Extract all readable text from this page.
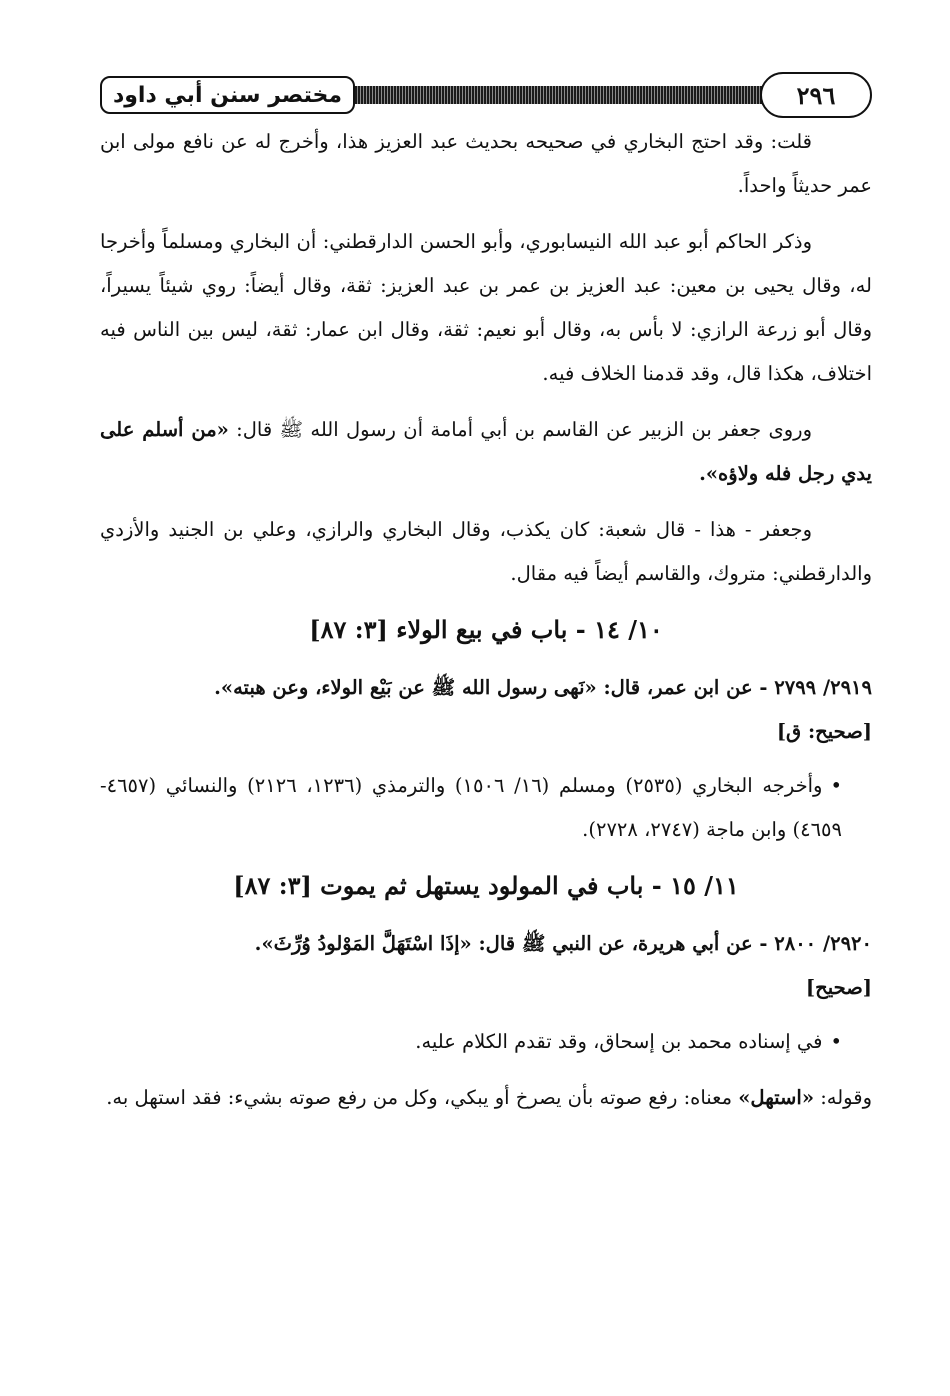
مختصر سنن أبي داود	٢٩٦

قلت: وقد احتج البخاري في صحيحه بحديث عبد العزيز هذا، وأخرج له عن نافع مولى ابن عمر حديثاً واحداً.

وذكر الحاكم أبو عبد الله النيسابوري، وأبو الحسن الدارقطني: أن البخاري ومسلماً وأخرجا له، وقال يحيى بن معين: عبد العزيز بن عمر بن عبد العزيز: ثقة، وقال أيضاً: روي شيئاً يسيراً، وقال أبو زرعة الرازي: لا بأس به، وقال أبو نعيم: ثقة، وقال ابن عمار: ثقة، ليس بين الناس فيه اختلاف، هكذا قال، وقد قدمنا الخلاف فيه.

وروى جعفر بن الزبير عن القاسم بن أبي أمامة أن رسول الله ﷺ قال: «من أسلم على يدي رجل فله ولاؤه».

وجعفر - هذا - قال شعبة: كان يكذب، وقال البخاري والرازي، وعلي بن الجنيد والأزدي والدارقطني: متروك، والقاسم أيضاً فيه مقال.

١٠/ ١٤ - باب في بيع الولاء [٣: ٨٧]

٢٩١٩/ ٢٧٩٩ - عن ابن عمر، قال: «نَهى رسول الله ﷺ عن بَيْع الولاء، وعن هبته».

[صحيح: ق]

•وأخرجه البخاري (٢٥٣٥) ومسلم (١٦/ ١٥٠٦) والترمذي (١٢٣٦، ٢١٢٦) والنسائي (٤٦٥٧- ٤٦٥٩) وابن ماجة (٢٧٤٧، ٢٧٢٨).

١١/ ١٥ - باب في المولود يستهل ثم يموت [٣: ٨٧]

٢٩٢٠/ ٢٨٠٠ - عن أبي هريرة، عن النبي ﷺ قال: «إذَا اسْتَهَلَّ المَوْلودُ وُرِّثَ».

[صحيح]

•في إسناده محمد بن إسحاق، وقد تقدم الكلام عليه.

وقوله: «استهل» معناه: رفع صوته بأن يصرخ أو يبكي، وكل من رفع صوته بشيء: فقد استهل به.
